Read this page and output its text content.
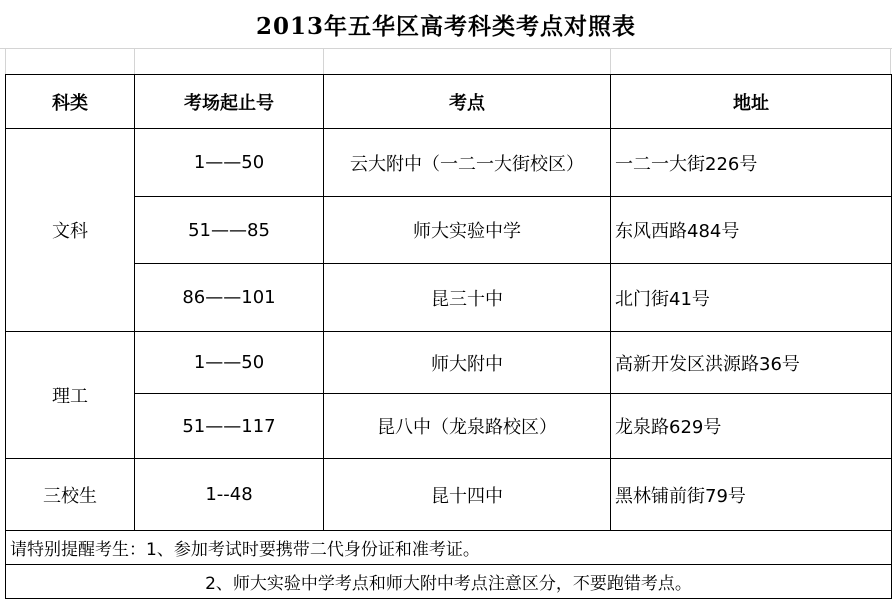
2013年五华区高考科类考点对照表
科类	考场起止号	考点	地址
文科	1——50	云大附中（一二一大街校区）	一二一大街226号
	51——85	师大实验中学	东风西路484号
	86——101	昆三十中	北门街41号
理工	1——50	师大附中	高新开发区洪源路36号
	51——117	昆八中（龙泉路校区）	龙泉路629号
三校生	1--48	昆十四中	黑林铺前街79号
请特别提醒考生：1、参加考试时要携带二代身份证和准考证。			
2、师大实验中学考点和师大附中考点注意区分，不要跑错考点。			
